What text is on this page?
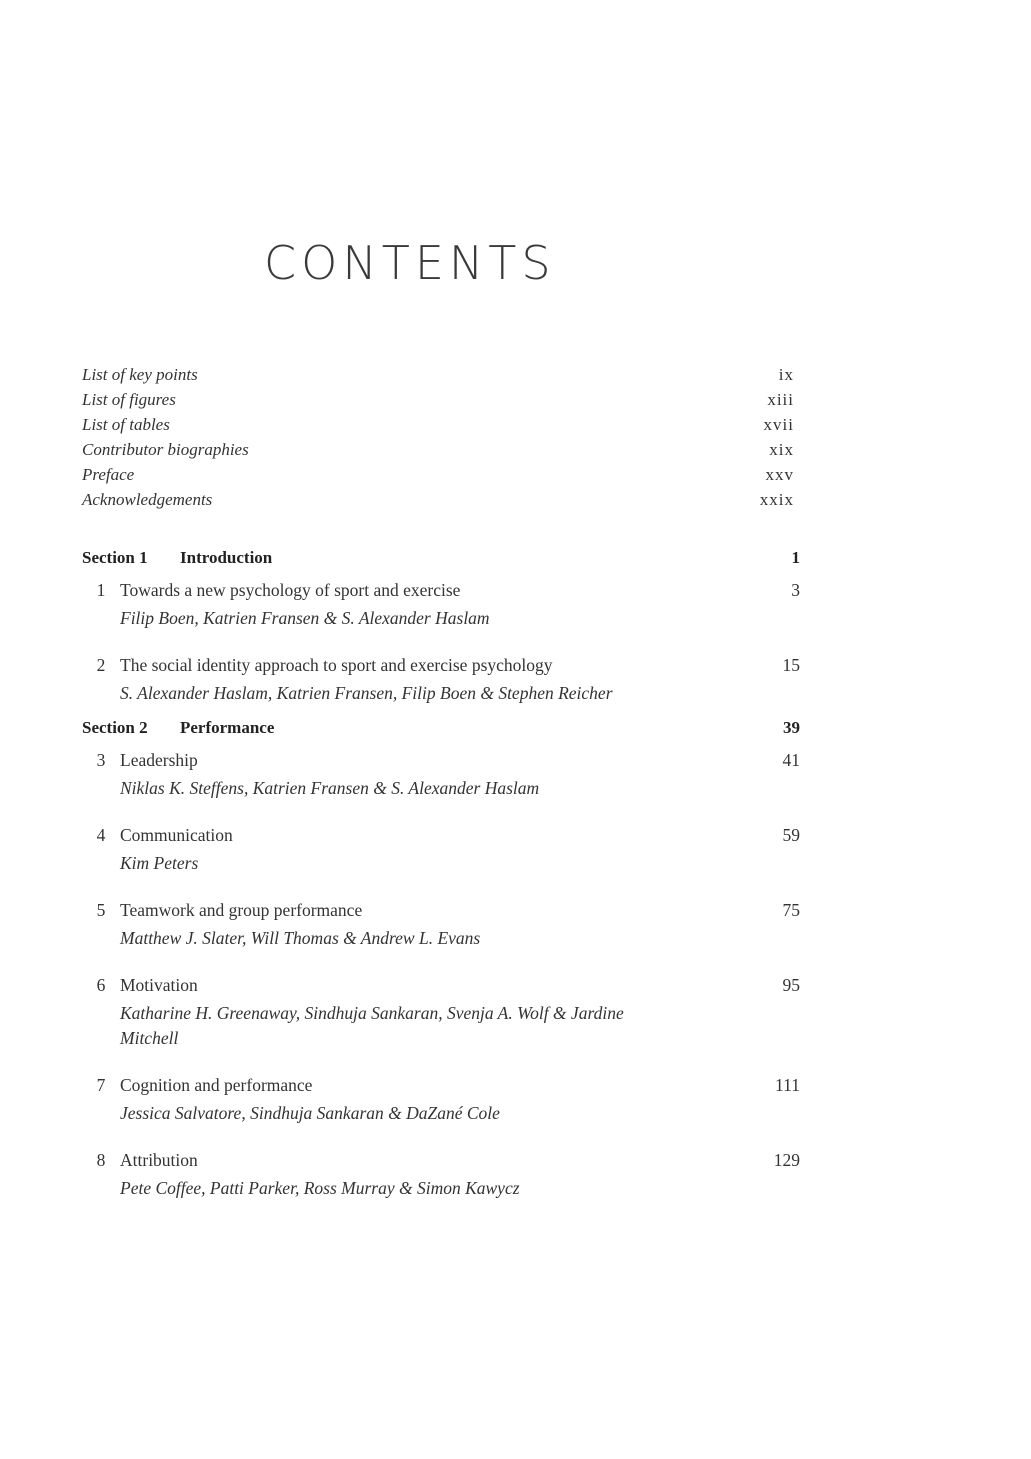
CONTENTS
List of key points	ix
List of figures	xiii
List of tables	xvii
Contributor biographies	xix
Preface	xxv
Acknowledgements	xxix
Section 1 Introduction	1
1 Towards a new psychology of sport and exercise	3
Filip Boen, Katrien Fransen & S. Alexander Haslam
2 The social identity approach to sport and exercise psychology	15
S. Alexander Haslam, Katrien Fransen, Filip Boen & Stephen Reicher
Section 2 Performance	39
3 Leadership	41
Niklas K. Steffens, Katrien Fransen & S. Alexander Haslam
4 Communication	59
Kim Peters
5 Teamwork and group performance	75
Matthew J. Slater, Will Thomas & Andrew L. Evans
6 Motivation	95
Katharine H. Greenaway, Sindhuja Sankaran, Svenja A. Wolf & Jardine Mitchell
7 Cognition and performance	111
Jessica Salvatore, Sindhuja Sankaran & DaZané Cole
8 Attribution	129
Pete Coffee, Patti Parker, Ross Murray & Simon Kawycz
